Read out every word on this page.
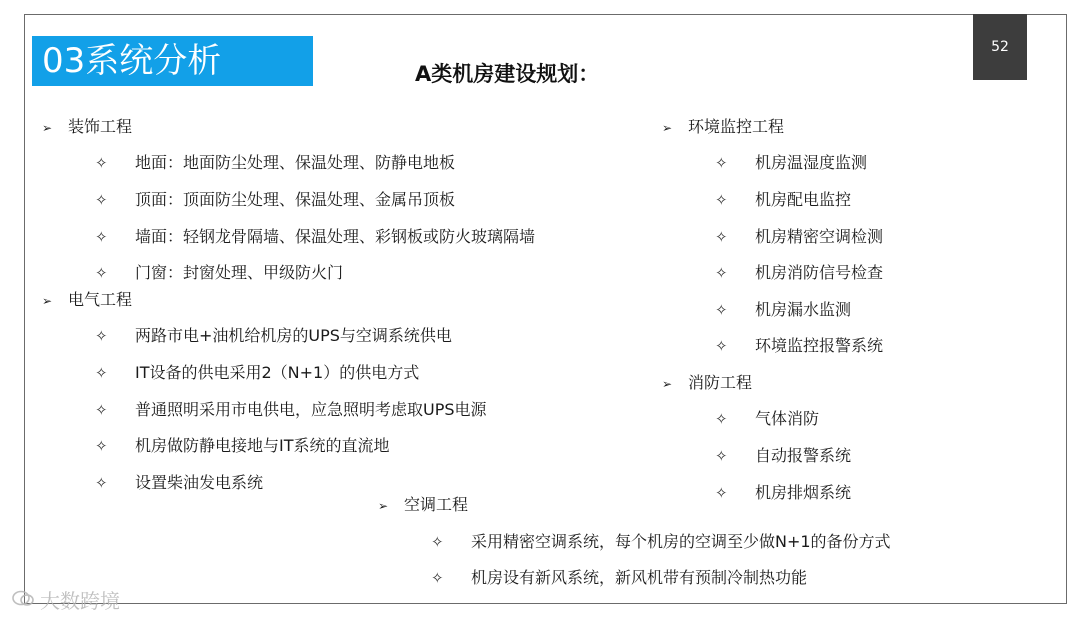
03系统分析	A类机房建设规划：
52
➢ 装饰工程
✧ 地面：地面防尘处理、保温处理、防静电地板
✧ 顶面：顶面防尘处理、保温处理、金属吊顶板
✧ 墙面：轻钢龙骨隔墙、保温处理、彩钢板或防火玻璃隔墙
✧ 门窗：封窗处理、甲级防火门
➢ 电气工程
✧ 两路市电+油机给机房的UPS与空调系统供电
✧ IT设备的供电采用2（N+1）的供电方式
✧ 普通照明采用市电供电，应急照明考虑取UPS电源
✧ 机房做防静电接地与IT系统的直流地
✧ 设置柴油发电系统
➢ 环境监控工程
✧ 机房温湿度监测
✧ 机房配电监控
✧ 机房精密空调检测
✧ 机房消防信号检查
✧ 机房漏水监测
✧ 环境监控报警系统
➢ 消防工程
✧ 气体消防
✧ 自动报警系统
✧ 机房排烟系统
➢ 空调工程
✧ 采用精密空调系统，每个机房的空调至少做N+1的备份方式
✧ 机房设有新风系统，新风机带有预制冷制热功能
大数跨境
